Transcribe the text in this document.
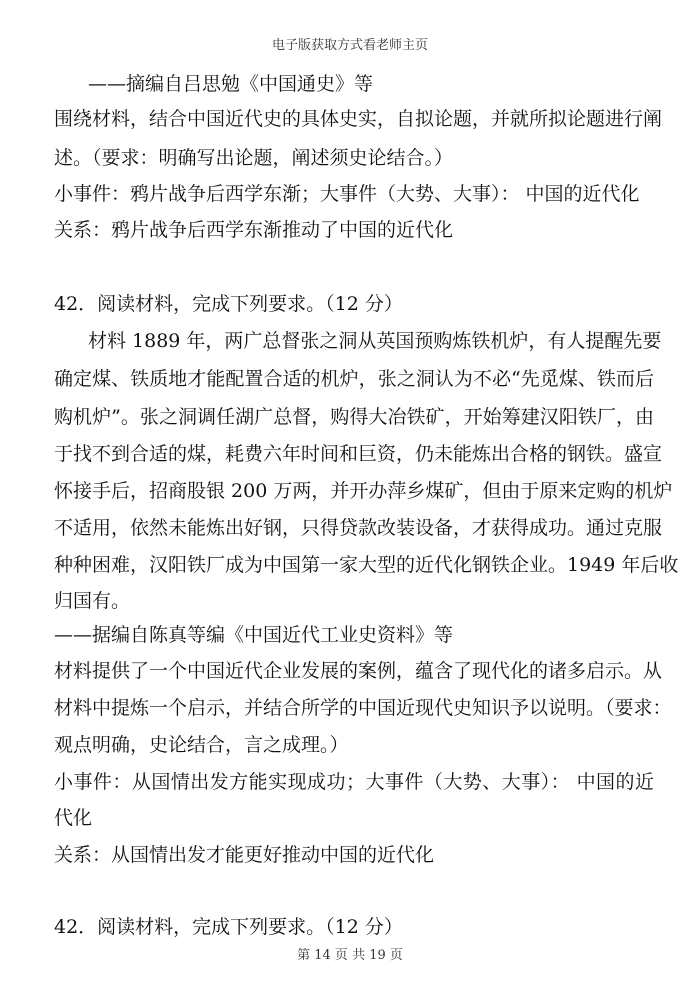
电子版获取方式看老师主页
——摘编自吕思勉《中国通史》等
围绕材料，结合中国近代史的具体史实，自拟论题，并就所拟论题进行阐
述。（要求：明确写出论题，阐述须史论结合。）
小事件：鸦片战争后西学东渐；大事件（大势、大事）： 中国的近代化
关系：鸦片战争后西学东渐推动了中国的近代化
42．阅读材料，完成下列要求。（12 分）
材料 1889 年，两广总督张之洞从英国预购炼铁机炉，有人提醒先要
确定煤、铁质地才能配置合适的机炉，张之洞认为不必“先觅煤、铁而后
购机炉”。张之洞调任湖广总督，购得大冶铁矿，开始筹建汉阳铁厂，由
于找不到合适的煤，耗费六年时间和巨资，仍未能炼出合格的钢铁。盛宣
怀接手后，招商股银 200 万两，并开办萍乡煤矿，但由于原来定购的机炉
不适用，依然未能炼出好钢，只得贷款改装设备，才获得成功。通过克服
种种困难，汉阳铁厂成为中国第一家大型的近代化钢铁企业。1949 年后收
归国有。
——据编自陈真等编《中国近代工业史资料》等
材料提供了一个中国近代企业发展的案例，蕴含了现代化的诸多启示。从
材料中提炼一个启示，并结合所学的中国近现代史知识予以说明。（要求：
观点明确，史论结合，言之成理。）
小事件：从国情出发方能实现成功；大事件（大势、大事）： 中国的近
代化
关系：从国情出发才能更好推动中国的近代化
42．阅读材料，完成下列要求。（12 分）
第 14 页 共 19 页
